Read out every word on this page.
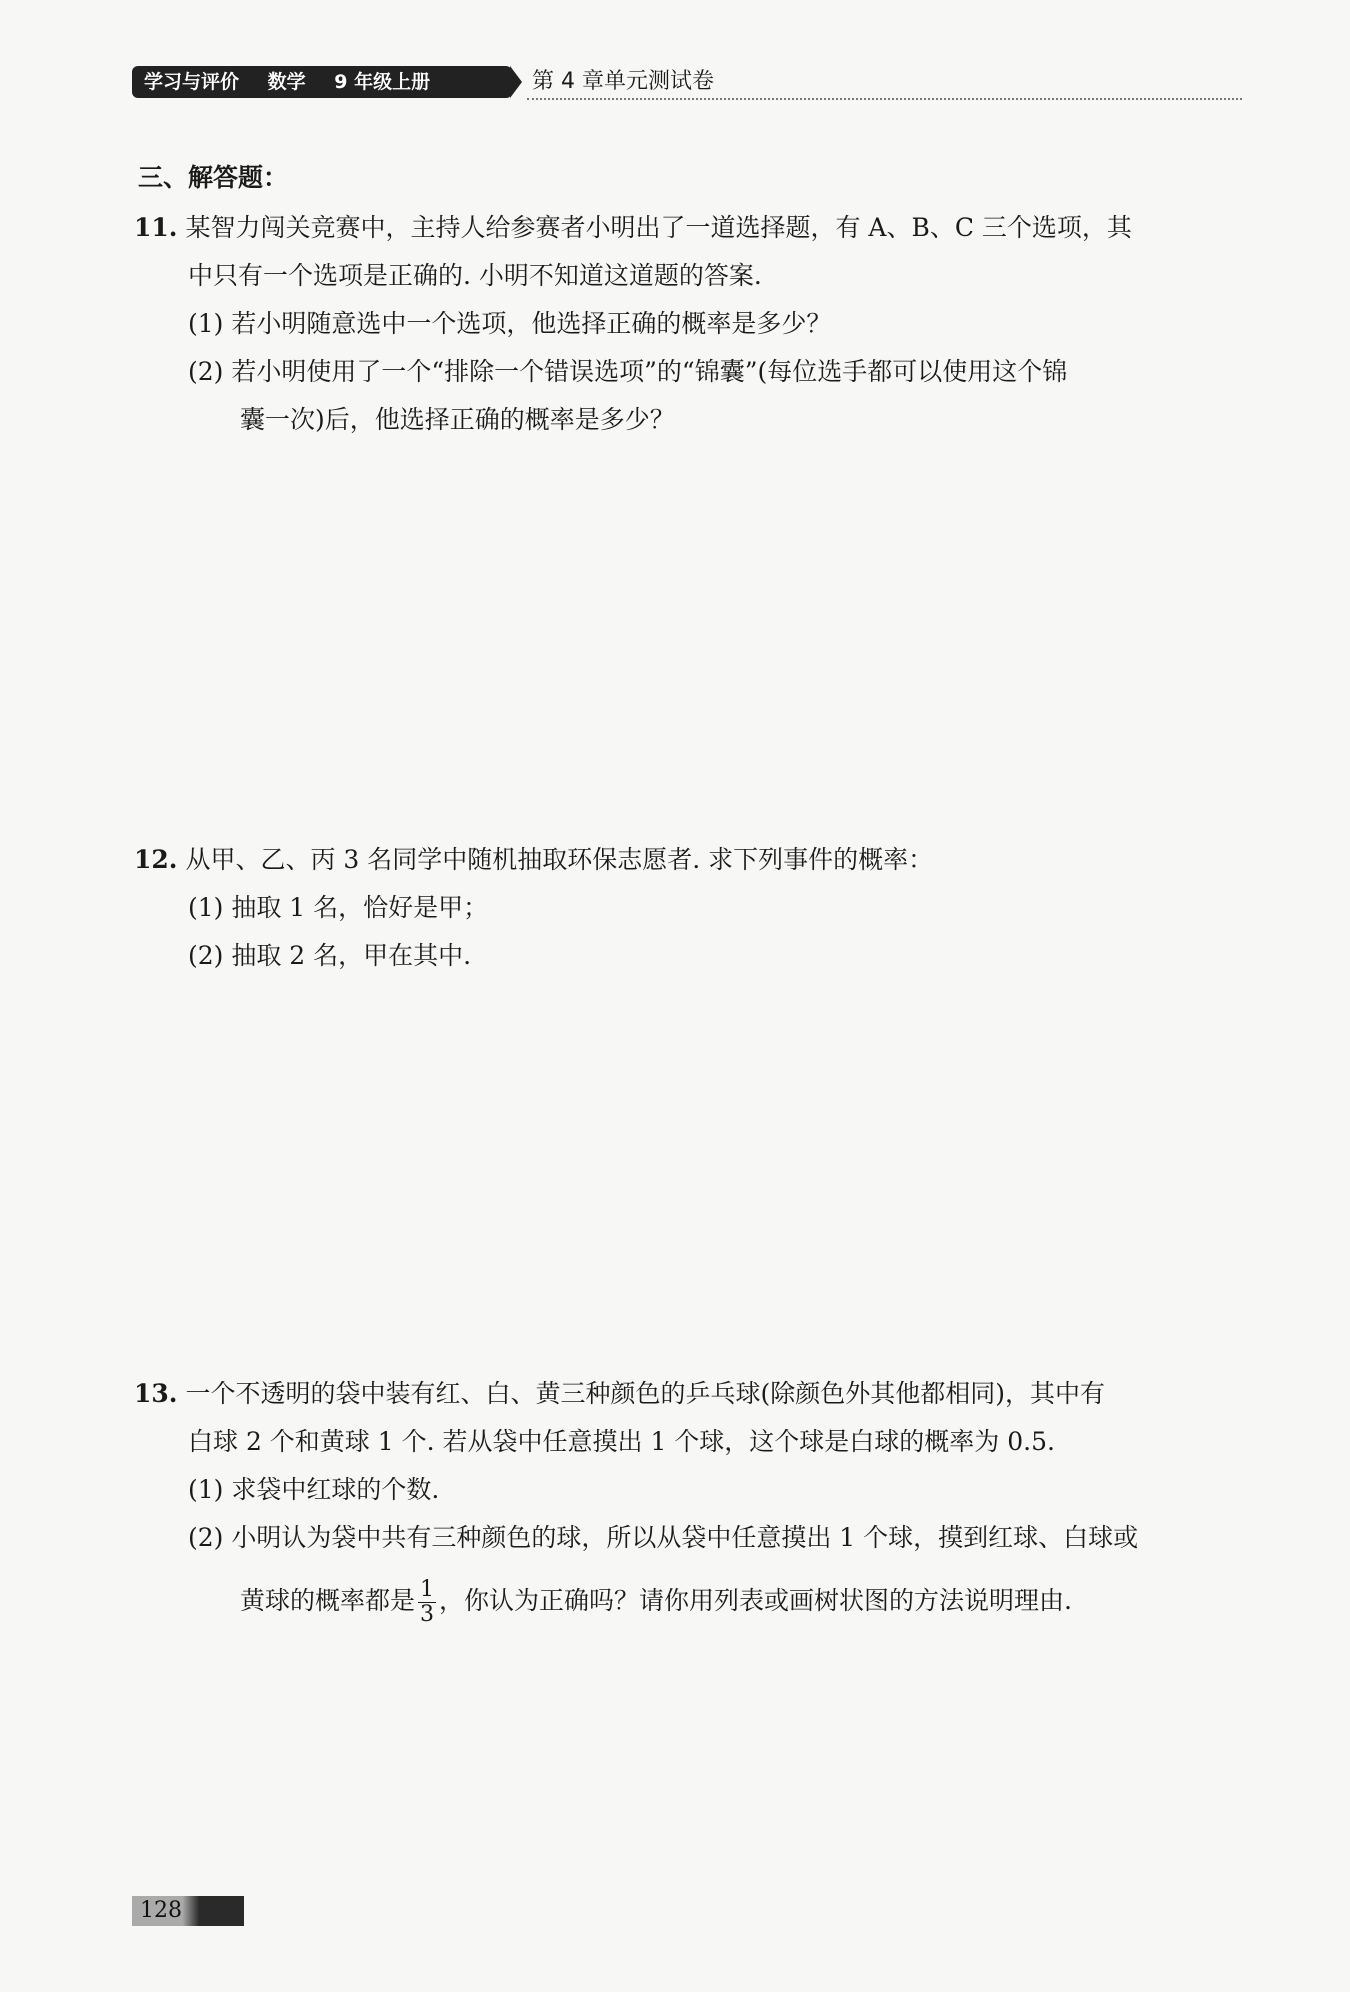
学习与评价 数学 9 年级上册	第 4 章单元测试卷
三、解答题：
11. 某智力闯关竞赛中，主持人给参赛者小明出了一道选择题，有 A、B、C 三个选项，其
中只有一个选项是正确的. 小明不知道这道题的答案.
(1) 若小明随意选中一个选项，他选择正确的概率是多少？
(2) 若小明使用了一个“排除一个错误选项”的“锦囊”(每位选手都可以使用这个锦
囊一次)后，他选择正确的概率是多少？
12. 从甲、乙、丙 3 名同学中随机抽取环保志愿者. 求下列事件的概率：
(1) 抽取 1 名，恰好是甲；
(2) 抽取 2 名，甲在其中.
13. 一个不透明的袋中装有红、白、黄三种颜色的乒乓球(除颜色外其他都相同)，其中有
白球 2 个和黄球 1 个. 若从袋中任意摸出 1 个球，这个球是白球的概率为 0.5.
(1) 求袋中红球的个数.
(2) 小明认为袋中共有三种颜色的球，所以从袋中任意摸出 1 个球，摸到红球、白球或
黄球的概率都是 $\frac{1}{3}$ ，你认为正确吗？请你用列表或画树状图的方法说明理由.
128
